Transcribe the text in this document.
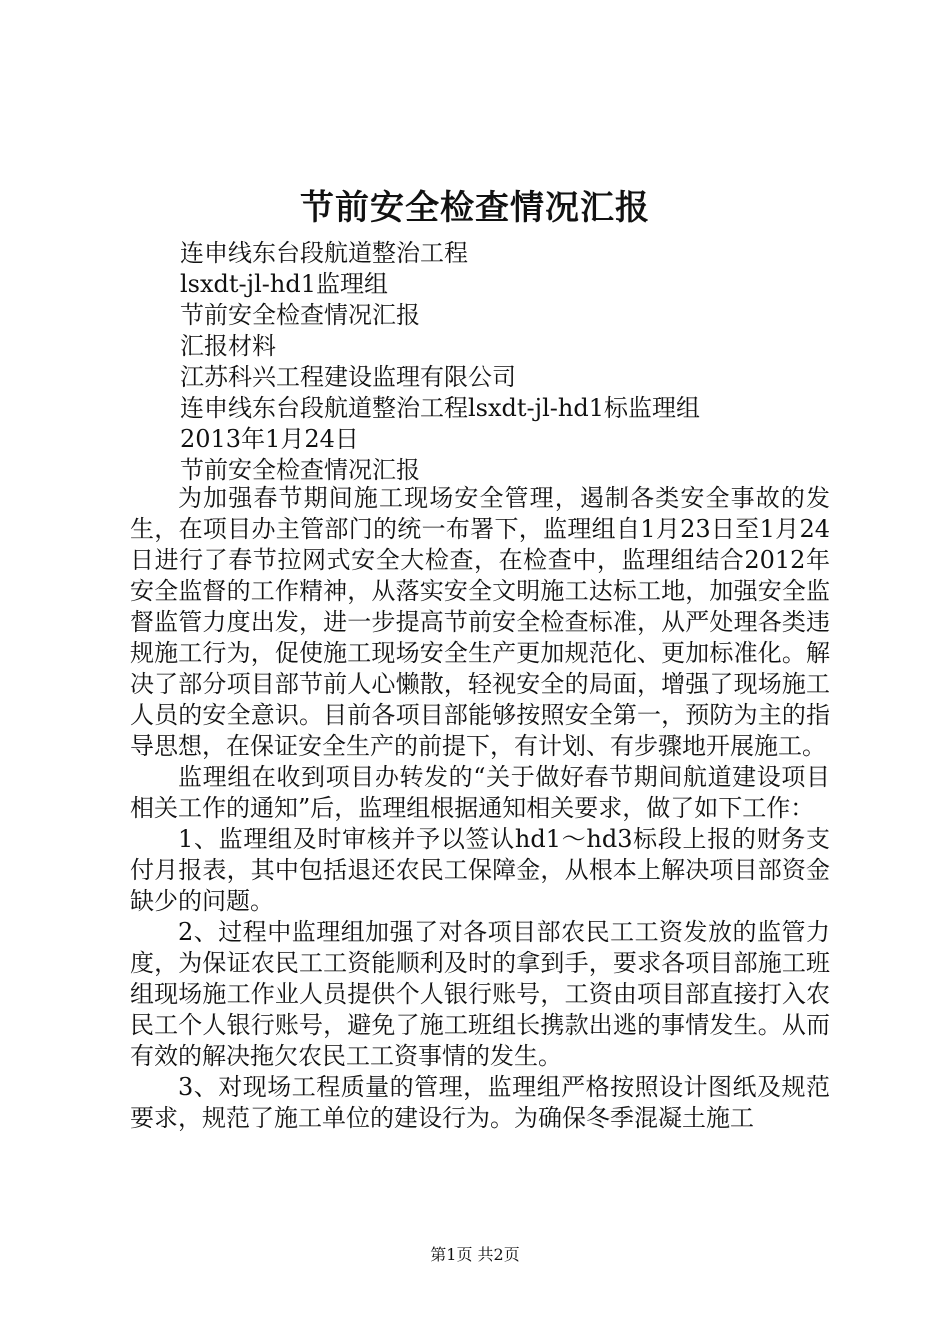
节前安全检查情况汇报
连申线东台段航道整治工程
lsxdt-jl-hd1监理组
节前安全检查情况汇报
汇报材料
江苏科兴工程建设监理有限公司
连申线东台段航道整治工程lsxdt-jl-hd1标监理组
2013年1月24日
节前安全检查情况汇报

为加强春节期间施工现场安全管理，遏制各类安全事故的发生，在项目办主管部门的统一布署下，监理组自1月23日至1月24日进行了春节拉网式安全大检查，在检查中，监理组结合2012年安全监督的工作精神，从落实安全文明施工达标工地，加强安全监督监管力度出发，进一步提高节前安全检查标准，从严处理各类违规施工行为，促使施工现场安全生产更加规范化、更加标准化。解决了部分项目部节前人心懒散，轻视安全的局面，增强了现场施工人员的安全意识。目前各项目部能够按照安全第一，预防为主的指导思想，在保证安全生产的前提下，有计划、有步骤地开展施工。

监理组在收到项目办转发的“关于做好春节期间航道建设项目相关工作的通知”后，监理组根据通知相关要求，做了如下工作：

1、监理组及时审核并予以签认hd1～hd3标段上报的财务支付月报表，其中包括退还农民工保障金，从根本上解决项目部资金缺少的问题。

2、过程中监理组加强了对各项目部农民工工资发放的监管力度，为保证农民工工资能顺利及时的拿到手，要求各项目部施工班组现场施工作业人员提供个人银行账号，工资由项目部直接打入农民工个人银行账号，避免了施工班组长携款出逃的事情发生。从而有效的解决拖欠农民工工资事情的发生。

3、对现场工程质量的管理，监理组严格按照设计图纸及规范要求，规范了施工单位的建设行为。为确保冬季混凝土施工

第1页 共2页
